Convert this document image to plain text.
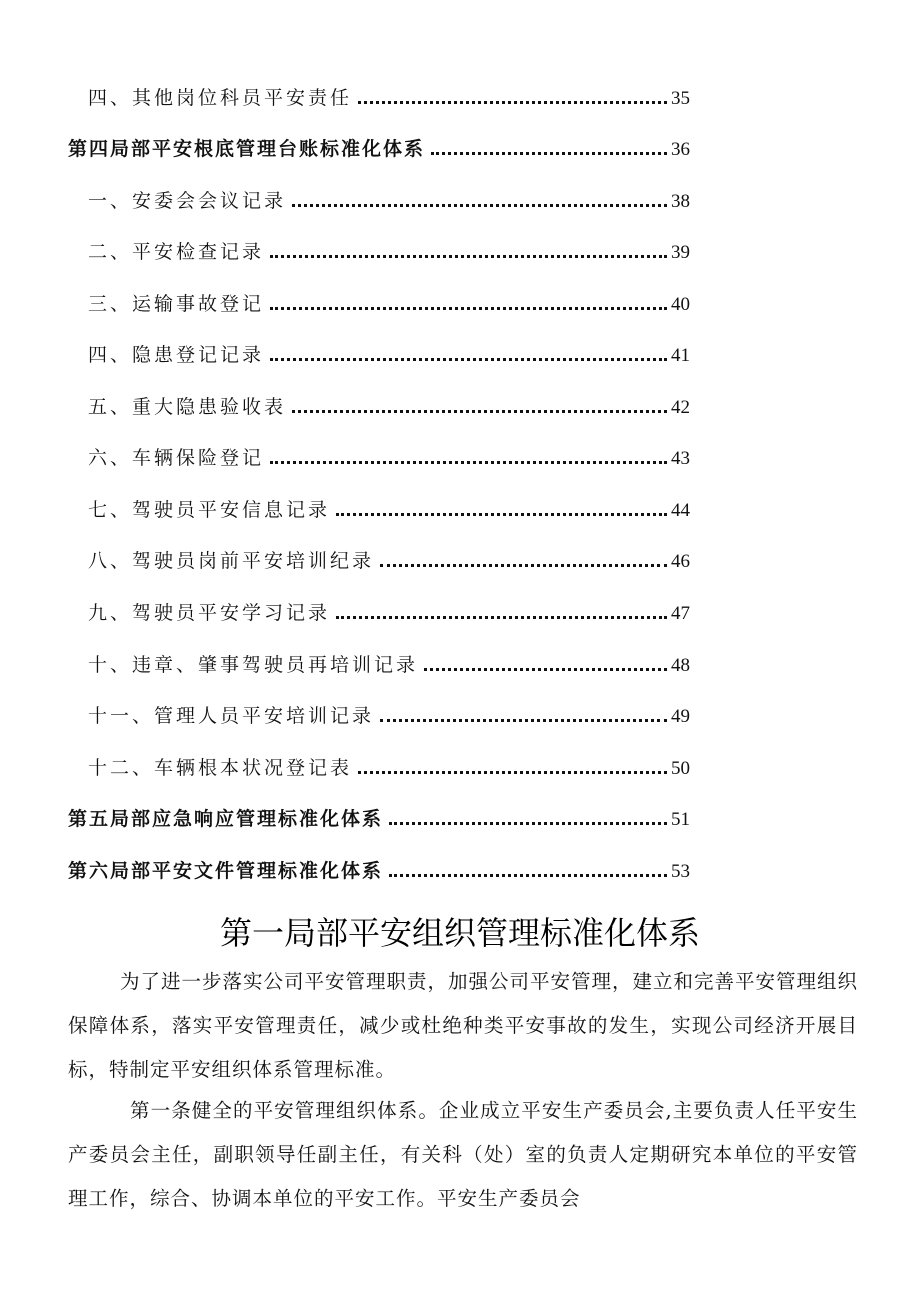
四、其他岗位科员平安责任	35
第四局部平安根底管理台账标准化体系	36
一、安委会会议记录	38
二、平安检查记录	39
三、运输事故登记	40
四、隐患登记记录	41
五、重大隐患验收表	42
六、车辆保险登记	43
七、驾驶员平安信息记录	44
八、驾驶员岗前平安培训纪录	46
九、驾驶员平安学习记录	47
十、违章、肇事驾驶员再培训记录	48
十一、管理人员平安培训记录	49
十二、车辆根本状况登记表	50
第五局部应急响应管理标准化体系	51
第六局部平安文件管理标准化体系	53
第一局部平安组织管理标准化体系

为了进一步落实公司平安管理职责，加强公司平安管理，建立和完善平安管理组织保障体系，落实平安管理责任，减少或杜绝种类平安事故的发生，实现公司经济开展目标，特制定平安组织体系管理标准。

第一条健全的平安管理组织体系。企业成立平安生产委员会,主要负责人任平安生产委员会主任，副职领导任副主任，有关科（处）室的负责人定期研究本单位的平安管理工作，综合、协调本单位的平安工作。平安生产委员会
